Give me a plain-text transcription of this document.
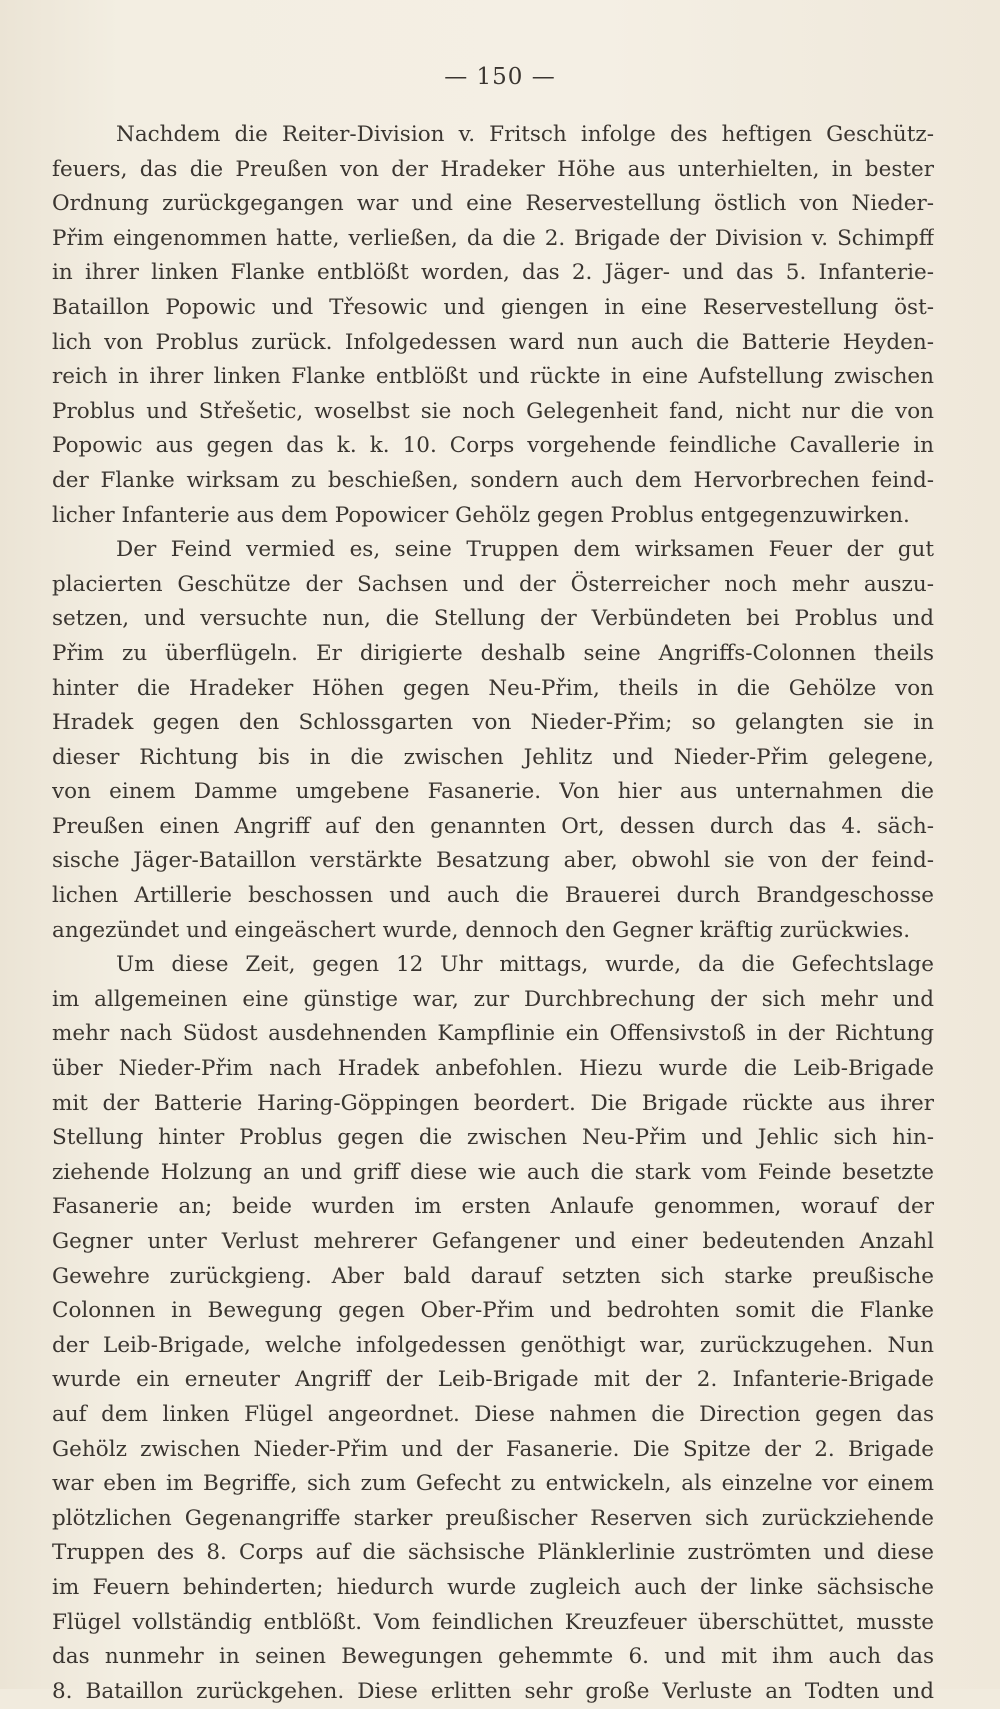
— 150 —
Nachdem die Reiter-Division v. Fritsch infolge des heftigen Geschütz-
feuers, das die Preußen von der Hradeker Höhe aus unterhielten, in bester
Ordnung zurückgegangen war und eine Reservestellung östlich von Nieder-
Přim eingenommen hatte, verließen, da die 2. Brigade der Division v. Schimpff
in ihrer linken Flanke entblößt worden, das 2. Jäger- und das 5. Infanterie-
Bataillon Popowic und Třesowic und giengen in eine Reservestellung öst-
lich von Problus zurück. Infolgedessen ward nun auch die Batterie Heyden-
reich in ihrer linken Flanke entblößt und rückte in eine Aufstellung zwischen
Problus und Střešetic, woselbst sie noch Gelegenheit fand, nicht nur die von
Popowic aus gegen das k. k. 10. Corps vorgehende feindliche Cavallerie in
der Flanke wirksam zu beschießen, sondern auch dem Hervorbrechen feind-
licher Infanterie aus dem Popowicer Gehölz gegen Problus entgegenzuwirken.
Der Feind vermied es, seine Truppen dem wirksamen Feuer der gut
placierten Geschütze der Sachsen und der Österreicher noch mehr auszu-
setzen, und versuchte nun, die Stellung der Verbündeten bei Problus und
Přim zu überflügeln. Er dirigierte deshalb seine Angriffs-Colonnen theils
hinter die Hradeker Höhen gegen Neu-Přim, theils in die Gehölze von
Hradek gegen den Schlossgarten von Nieder-Přim; so gelangten sie in
dieser Richtung bis in die zwischen Jehlitz und Nieder-Přim gelegene,
von einem Damme umgebene Fasanerie. Von hier aus unternahmen die
Preußen einen Angriff auf den genannten Ort, dessen durch das 4. säch-
sische Jäger-Bataillon verstärkte Besatzung aber, obwohl sie von der feind-
lichen Artillerie beschossen und auch die Brauerei durch Brandgeschosse
angezündet und eingeäschert wurde, dennoch den Gegner kräftig zurückwies.
Um diese Zeit, gegen 12 Uhr mittags, wurde, da die Gefechtslage
im allgemeinen eine günstige war, zur Durchbrechung der sich mehr und
mehr nach Südost ausdehnenden Kampflinie ein Offensivstoß in der Richtung
über Nieder-Přim nach Hradek anbefohlen. Hiezu wurde die Leib-Brigade
mit der Batterie Haring-Göppingen beordert. Die Brigade rückte aus ihrer
Stellung hinter Problus gegen die zwischen Neu-Přim und Jehlic sich hin-
ziehende Holzung an und griff diese wie auch die stark vom Feinde besetzte
Fasanerie an; beide wurden im ersten Anlaufe genommen, worauf der
Gegner unter Verlust mehrerer Gefangener und einer bedeutenden Anzahl
Gewehre zurückgieng. Aber bald darauf setzten sich starke preußische
Colonnen in Bewegung gegen Ober-Přim und bedrohten somit die Flanke
der Leib-Brigade, welche infolgedessen genöthigt war, zurückzugehen. Nun
wurde ein erneuter Angriff der Leib-Brigade mit der 2. Infanterie-Brigade
auf dem linken Flügel angeordnet. Diese nahmen die Direction gegen das
Gehölz zwischen Nieder-Přim und der Fasanerie. Die Spitze der 2. Brigade
war eben im Begriffe, sich zum Gefecht zu entwickeln, als einzelne vor einem
plötzlichen Gegenangriffe starker preußischer Reserven sich zurückziehende
Truppen des 8. Corps auf die sächsische Plänklerlinie zuströmten und diese
im Feuern behinderten; hiedurch wurde zugleich auch der linke sächsische
Flügel vollständig entblößt. Vom feindlichen Kreuzfeuer überschüttet, musste
das nunmehr in seinen Bewegungen gehemmte 6. und mit ihm auch das
8. Bataillon zurückgehen. Diese erlitten sehr große Verluste an Todten und
